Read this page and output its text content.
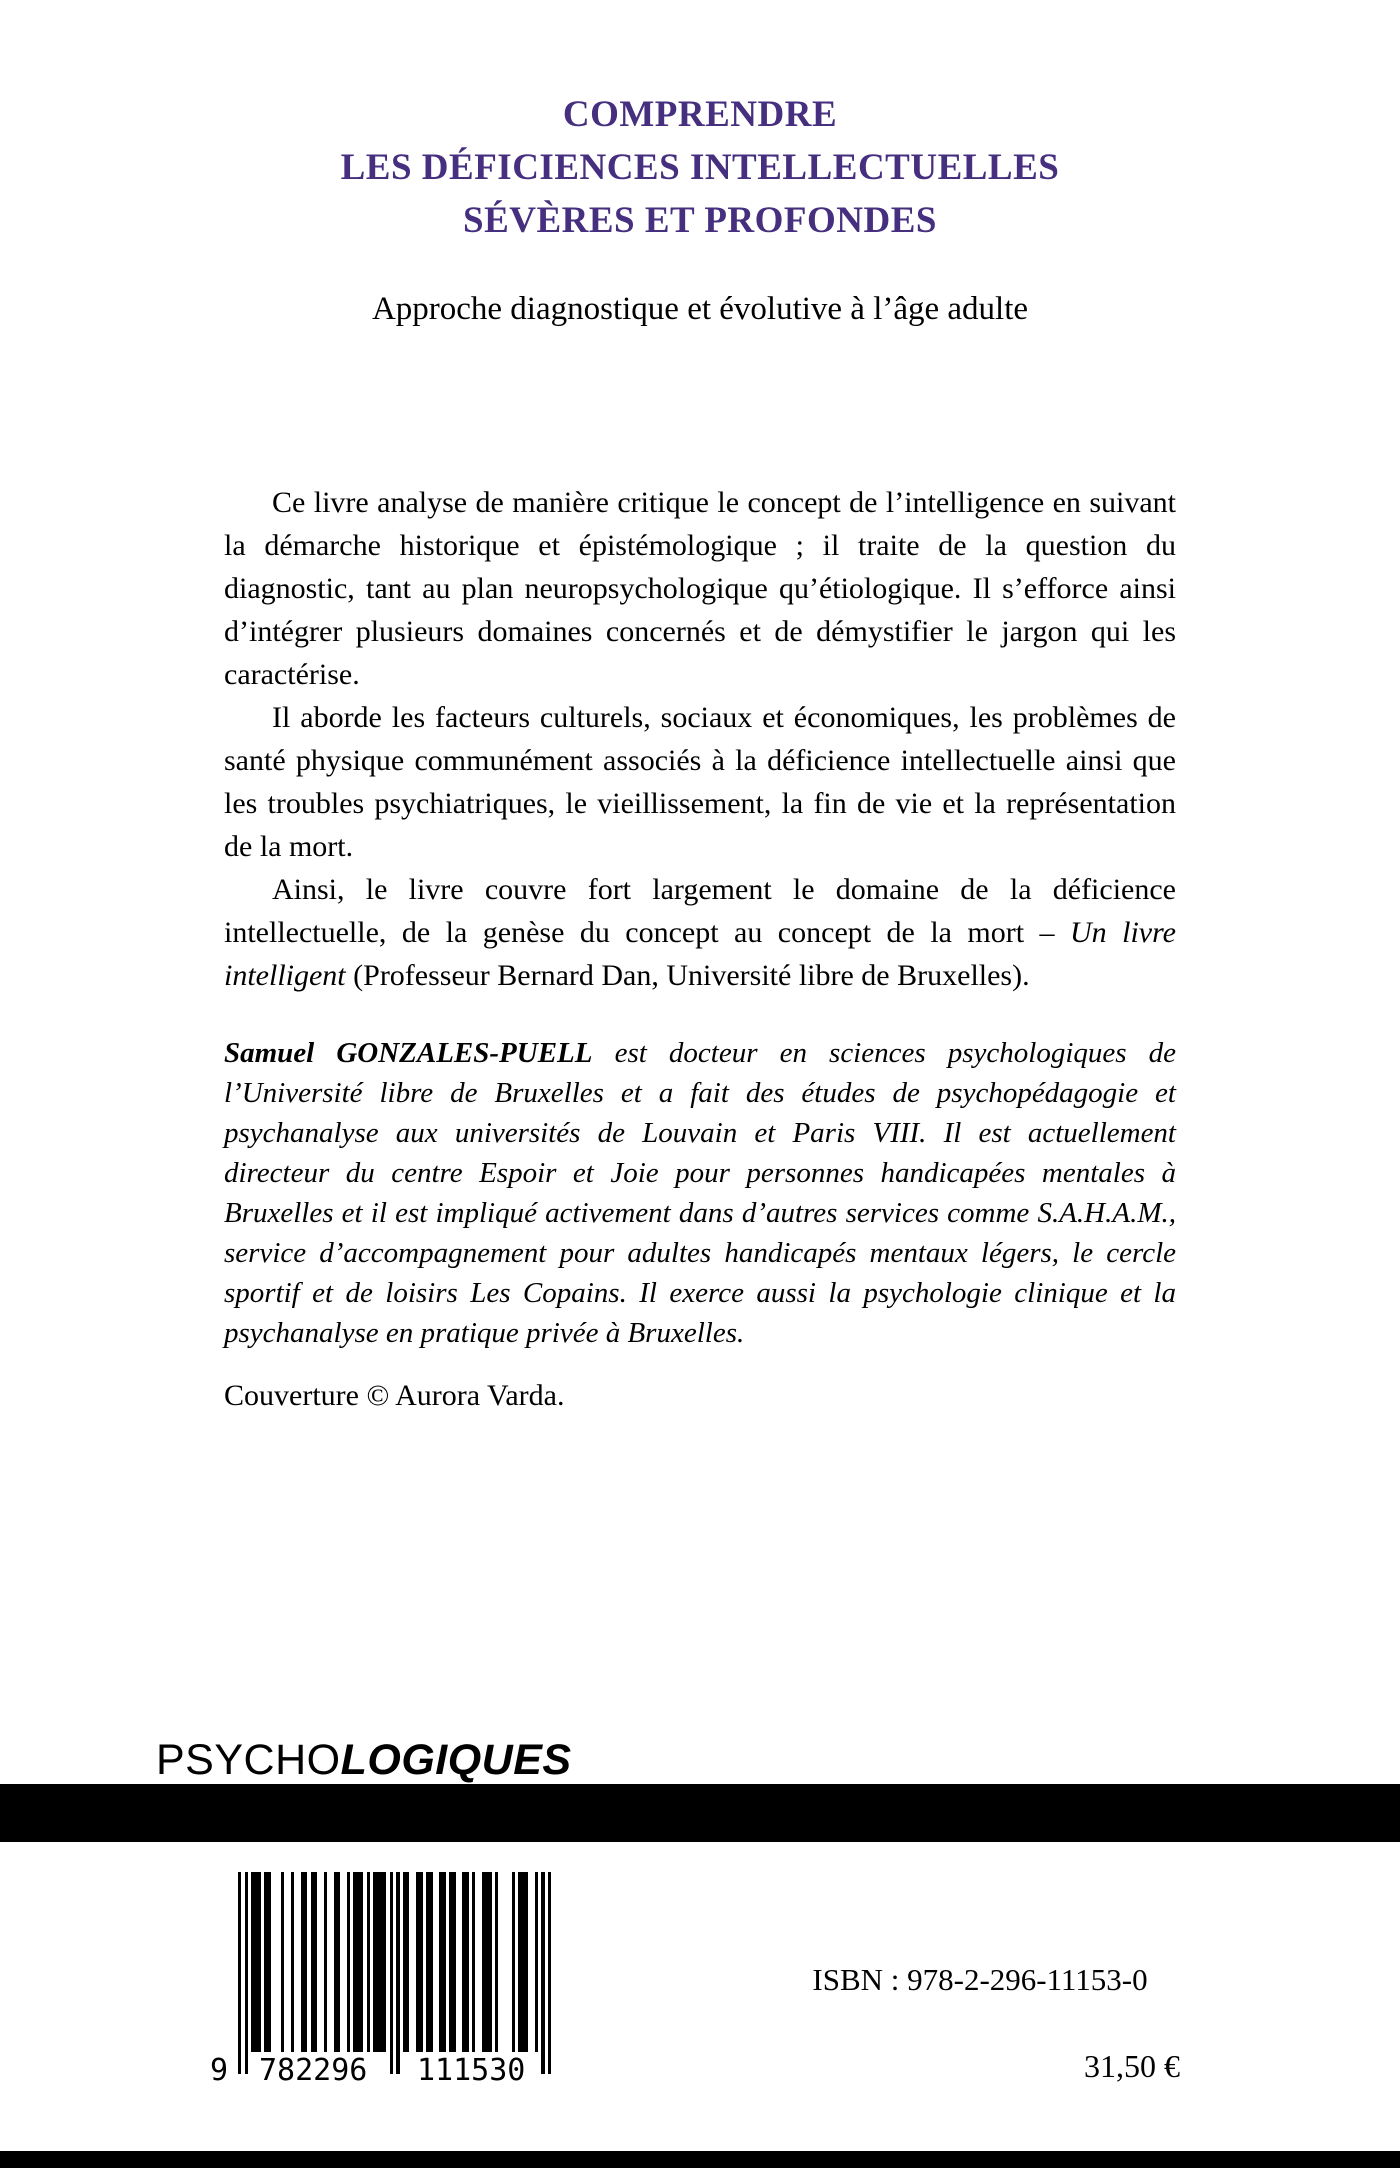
COMPRENDRE
LES DÉFICIENCES INTELLECTUELLES
SÉVÈRES ET PROFONDES
Approche diagnostique et évolutive à l’âge adulte

Ce livre analyse de manière critique le concept de l’intelligence en suivant la démarche historique et épistémologique ; il traite de la question du diagnostic, tant au plan neuropsychologique qu’étiologique. Il s’efforce ainsi d’intégrer plusieurs domaines concernés et de démystifier le jargon qui les caractérise.

Il aborde les facteurs culturels, sociaux et économiques, les problèmes de santé physique communément associés à la déficience intellectuelle ainsi que les troubles psychiatriques, le vieillissement, la fin de vie et la représentation de la mort.

Ainsi, le livre couvre fort largement le domaine de la déficience intellectuelle, de la genèse du concept au concept de la mort – Un livre intelligent (Professeur Bernard Dan, Université libre de Bruxelles).

Samuel GONZALES-PUELL est docteur en sciences psychologiques de l’Université libre de Bruxelles et a fait des études de psychopédagogie et psychanalyse aux universités de Louvain et Paris VIII. Il est actuellement directeur du centre Espoir et Joie pour personnes handicapées mentales à Bruxelles et il est impliqué activement dans d’autres services comme S.A.H.A.M., service d’accompagnement pour adultes handicapés mentaux légers, le cercle sportif et de loisirs Les Copains. Il exerce aussi la psychologie clinique et la psychanalyse en pratique privée à Bruxelles.
Couverture © Aurora Varda.
PSYCHOLOGIQUES
9 782296 111530
ISBN : 978-2-296-11153-0
31,50 €
